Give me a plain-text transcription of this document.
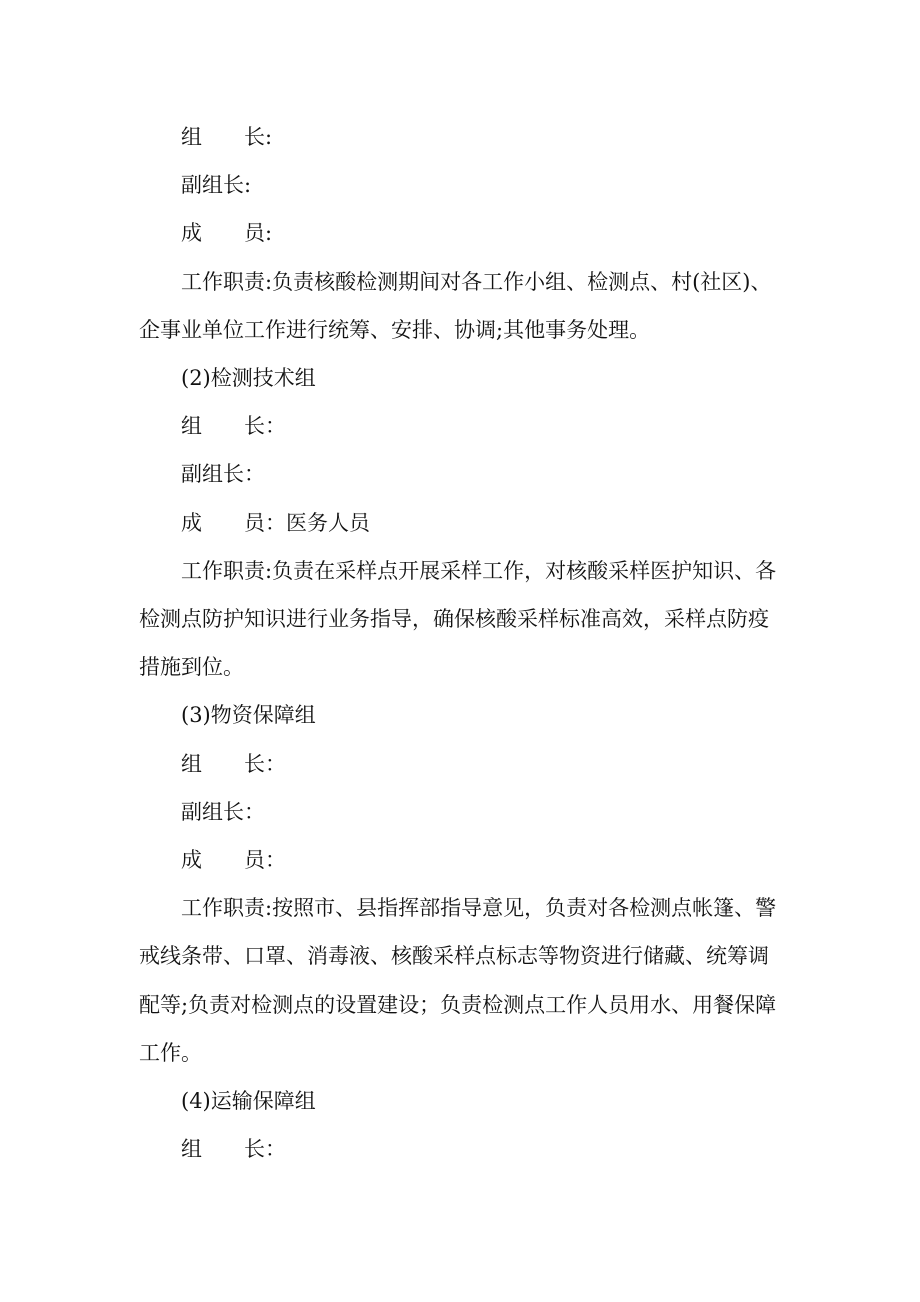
组　　长:

副组长:

成　　员:

工作职责:负责核酸检测期间对各工作小组、检测点、村(社区)、企事业单位工作进行统筹、安排、协调;其他事务处理。

(2)检测技术组

组　　长：

副组长：

成　　员：医务人员

工作职责:负责在采样点开展采样工作，对核酸采样医护知识、各检测点防护知识进行业务指导，确保核酸采样标准高效，采样点防疫措施到位。

(3)物资保障组

组　　长：

副组长：

成　　员：

工作职责:按照市、县指挥部指导意见，负责对各检测点帐篷、警戒线条带、口罩、消毒液、核酸采样点标志等物资进行储藏、统筹调配等;负责对检测点的设置建设；负责检测点工作人员用水、用餐保障工作。

(4)运输保障组

组　　长：
